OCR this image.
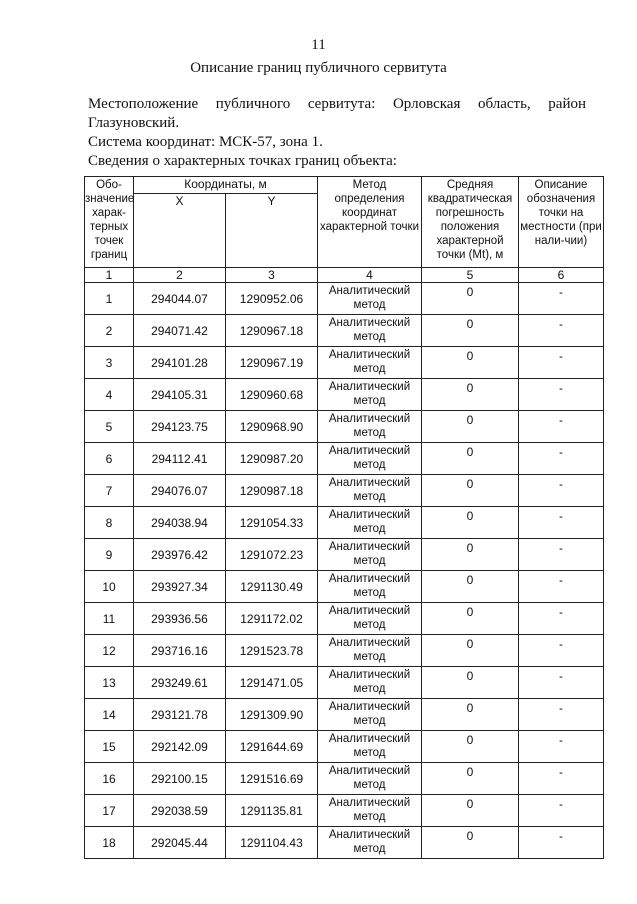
11
Описание границ публичного сервитута
Местоположение публичного сервитута: Орловская область, район
Глазуновский.
Система координат: МСК-57, зона 1.
Сведения о характерных точках границ объекта:
Обо-значение харак-терных точек границ	Координаты, м		Метод определения координат характерной точки	Средняя квадратическая погрешность положения характерной точки (Mt), м	Описание обозначения точки на местности (при нали-чии)
	X	Y			
1	2	3	4	5	6
1	294044.07	1290952.06	Аналитический метод	0	-
2	294071.42	1290967.18	Аналитический метод	0	-
3	294101.28	1290967.19	Аналитический метод	0	-
4	294105.31	1290960.68	Аналитический метод	0	-
5	294123.75	1290968.90	Аналитический метод	0	-
6	294112.41	1290987.20	Аналитический метод	0	-
7	294076.07	1290987.18	Аналитический метод	0	-
8	294038.94	1291054.33	Аналитический метод	0	-
9	293976.42	1291072.23	Аналитический метод	0	-
10	293927.34	1291130.49	Аналитический метод	0	-
11	293936.56	1291172.02	Аналитический метод	0	-
12	293716.16	1291523.78	Аналитический метод	0	-
13	293249.61	1291471.05	Аналитический метод	0	-
14	293121.78	1291309.90	Аналитический метод	0	-
15	292142.09	1291644.69	Аналитический метод	0	-
16	292100.15	1291516.69	Аналитический метод	0	-
17	292038.59	1291135.81	Аналитический метод	0	-
18	292045.44	1291104.43	Аналитический метод	0	-
